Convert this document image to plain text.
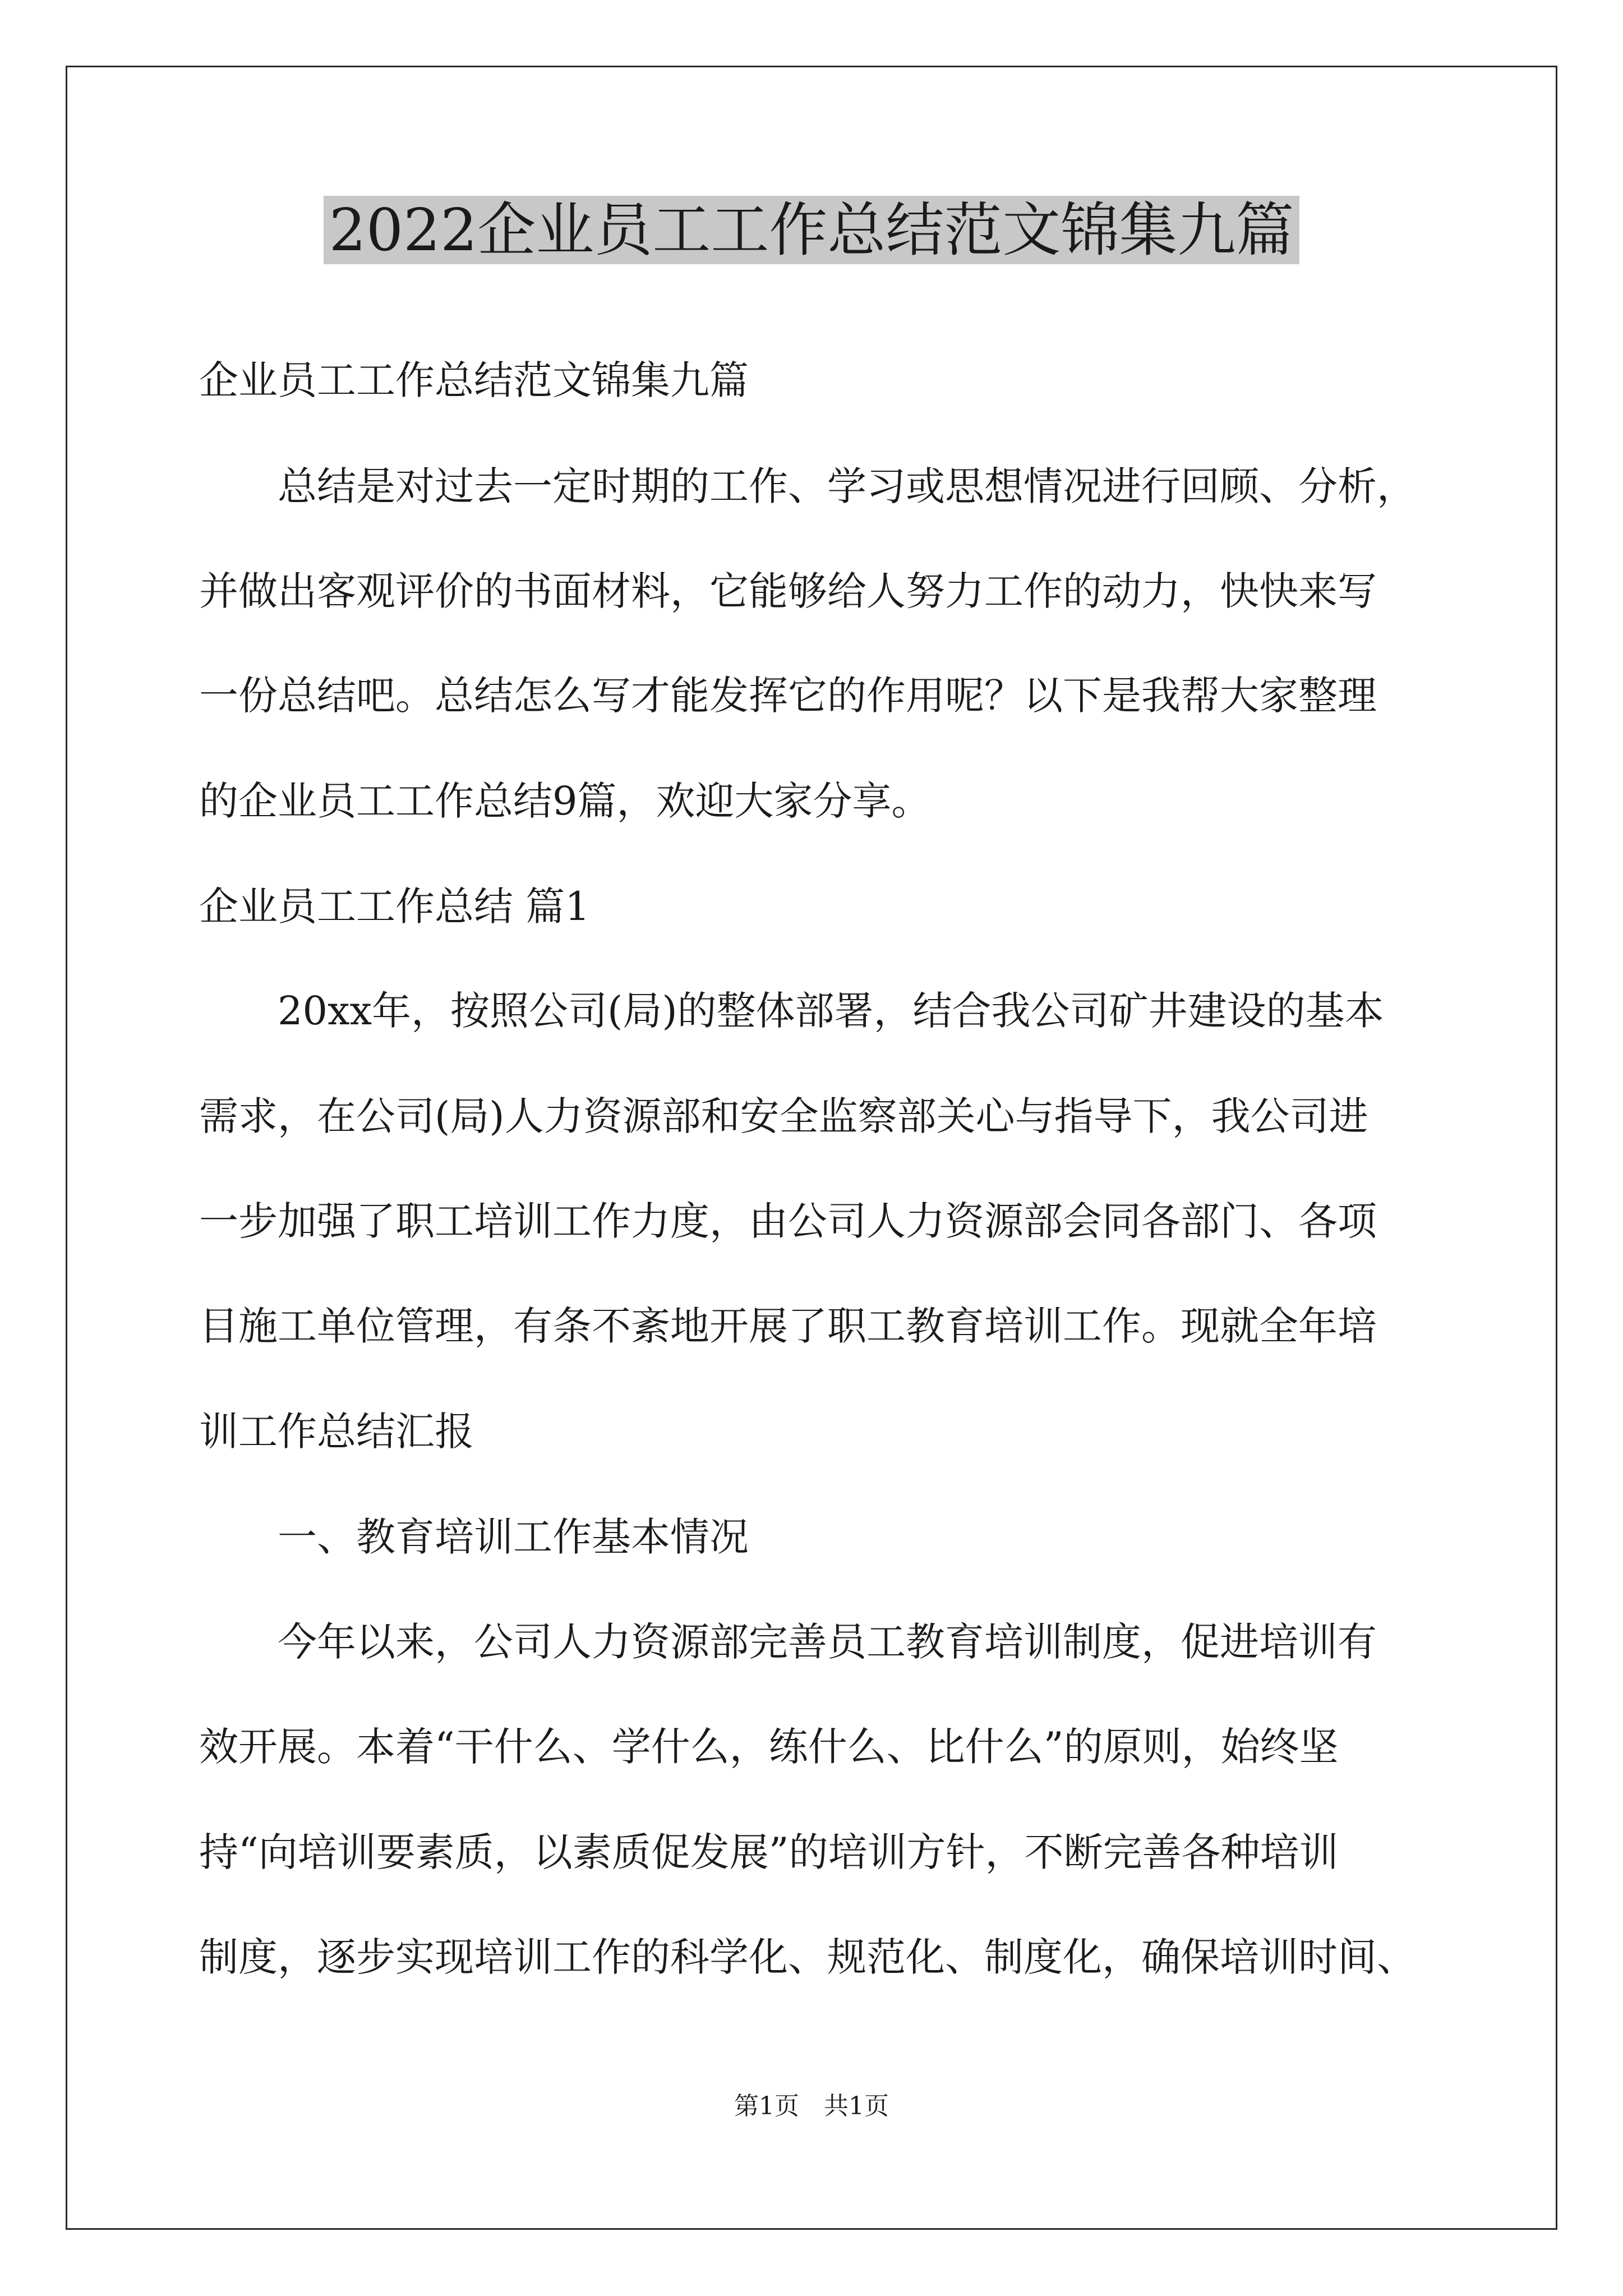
2022企业员工工作总结范文锦集九篇
企业员工工作总结范文锦集九篇
总结是对过去一定时期的工作、学习或思想情况进行回顾、分析，
并做出客观评价的书面材料，它能够给人努力工作的动力，快快来写
一份总结吧。总结怎么写才能发挥它的作用呢？以下是我帮大家整理
的企业员工工作总结9篇，欢迎大家分享。
企业员工工作总结 篇1
20xx年，按照公司(局)的整体部署，结合我公司矿井建设的基本
需求，在公司(局)人力资源部和安全监察部关心与指导下，我公司进
一步加强了职工培训工作力度，由公司人力资源部会同各部门、各项
目施工单位管理，有条不紊地开展了职工教育培训工作。现就全年培
训工作总结汇报
一、教育培训工作基本情况
今年以来，公司人力资源部完善员工教育培训制度，促进培训有
效开展。本着“干什么、学什么，练什么、比什么”的原则，始终坚
持“向培训要素质，以素质促发展”的培训方针，不断完善各种培训
制度，逐步实现培训工作的科学化、规范化、制度化，确保培训时间、
第1页　共1页
